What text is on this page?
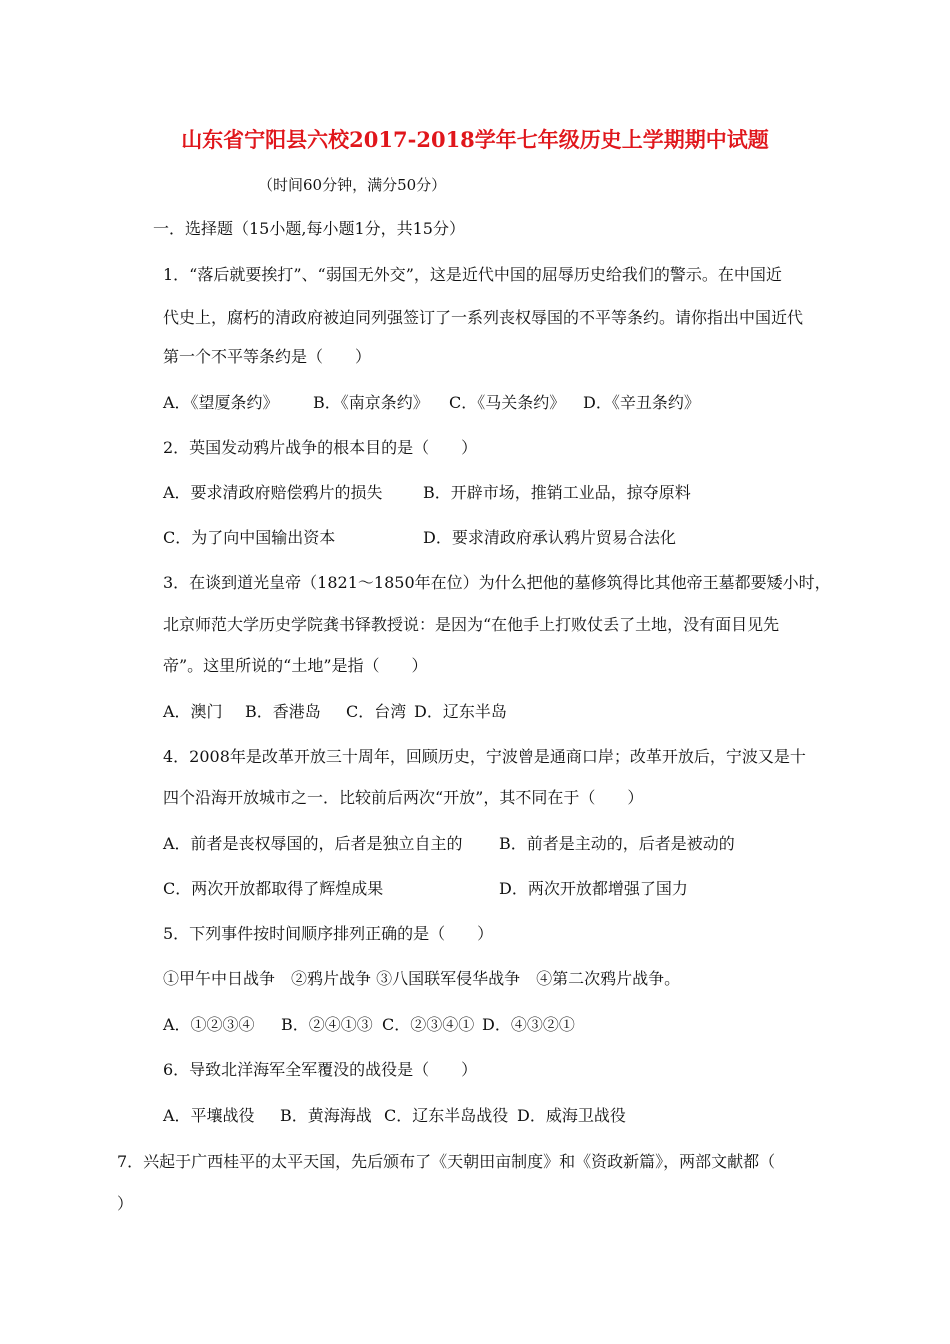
山东省宁阳县六校2017-2018学年七年级历史上学期期中试题
（时间60分钟，满分50分）
一．选择题（15小题,每小题1分，共15分）
1．“落后就要挨打”、“弱国无外交”，这是近代中国的屈辱历史给我们的警示。在中国近
代史上，腐朽的清政府被迫同列强签订了一系列丧权辱国的不平等条约。请你指出中国近代
第一个不平等条约是（　　）
A．《望厦条约》 B．《南京条约》 C．《马关条约》 D．《辛丑条约》
2．英国发动鸦片战争的根本目的是（　　）
A．要求清政府赔偿鸦片的损失	B．开辟市场，推销工业品，掠夺原料
C．为了向中国输出资本	D．要求清政府承认鸦片贸易合法化
3．在谈到道光皇帝（1821～1850年在位）为什么把他的墓修筑得比其他帝王墓都要矮小时，
北京师范大学历史学院龚书铎教授说：是因为“在他手上打败仗丢了土地，没有面目见先
帝”。这里所说的“土地”是指（　　）
A．澳门 B．香港岛 C．台湾 D．辽东半岛
4．2008年是改革开放三十周年，回顾历史，宁波曾是通商口岸；改革开放后，宁波又是十
四个沿海开放城市之一．比较前后两次“开放”，其不同在于（　　）
A．前者是丧权辱国的，后者是独立自主的 B．前者是主动的，后者是被动的
C．两次开放都取得了辉煌成果	D．两次开放都增强了国力
5．下列事件按时间顺序排列正确的是（　　）
①甲午中日战争　②鸦片战争 ③八国联军侵华战争　④第二次鸦片战争。
A．①②③④ B．②④①③ C．②③④① D．④③②①
6．导致北洋海军全军覆没的战役是（　　）
A．平壤战役 B．黄海海战 C．辽东半岛战役 D．威海卫战役
7．兴起于广西桂平的太平天国，先后颁布了《天朝田亩制度》和《资政新篇》，两部文献都（
）
